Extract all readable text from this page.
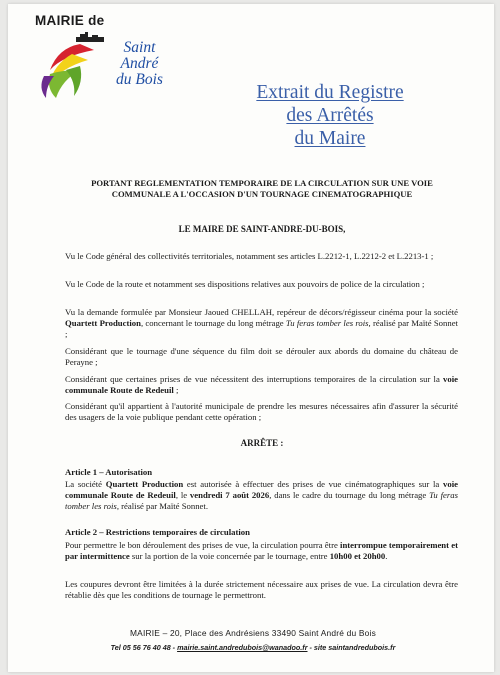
MAIRIE de
Saint
André
du Bois
Extrait du Registre
des Arrêtés
du Maire
PORTANT REGLEMENTATION TEMPORAIRE DE LA CIRCULATION SUR UNE VOIE
COMMUNALE A L'OCCASION D'UN TOURNAGE CINEMATOGRAPHIQUE
LE MAIRE DE SAINT-ANDRE-DU-BOIS,
Vu le Code général des collectivités territoriales, notamment ses articles L.2212-1, L.2212-2 et L.2213-1 ;
Vu le Code de la route et notamment ses dispositions relatives aux pouvoirs de police de la circulation ;
Vu la demande formulée par Monsieur Jaoued CHELLAH, repéreur de décors/régisseur cinéma pour la société Quartett Production, concernant le tournage du long métrage Tu feras tomber les rois, réalisé par Maïté Sonnet ;
Considérant que le tournage d'une séquence du film doit se dérouler aux abords du domaine du château de Perayne ;
Considérant que certaines prises de vue nécessitent des interruptions temporaires de la circulation sur la voie communale Route de Redeuil ;
Considérant qu'il appartient à l'autorité municipale de prendre les mesures nécessaires afin d'assurer la sécurité des usagers de la voie publique pendant cette opération ;
ARRÊTE :
Article 1 – Autorisation
La société Quartett Production est autorisée à effectuer des prises de vue cinématographiques sur la voie communale Route de Redeuil, le vendredi 7 août 2026, dans le cadre du tournage du long métrage Tu feras tomber les rois, réalisé par Maïté Sonnet.
Article 2 – Restrictions temporaires de circulation
Pour permettre le bon déroulement des prises de vue, la circulation pourra être interrompue temporairement et par intermittence sur la portion de la voie concernée par le tournage, entre 10h00 et 20h00.
Les coupures devront être limitées à la durée strictement nécessaire aux prises de vue. La circulation devra être rétablie dès que les conditions de tournage le permettront.
MAIRIE – 20, Place des Andrésiens 33490 Saint André du Bois
Tel 05 56 76 40 48 - mairie.saint.andredubois@wanadoo.fr - site saintandredubois.fr
